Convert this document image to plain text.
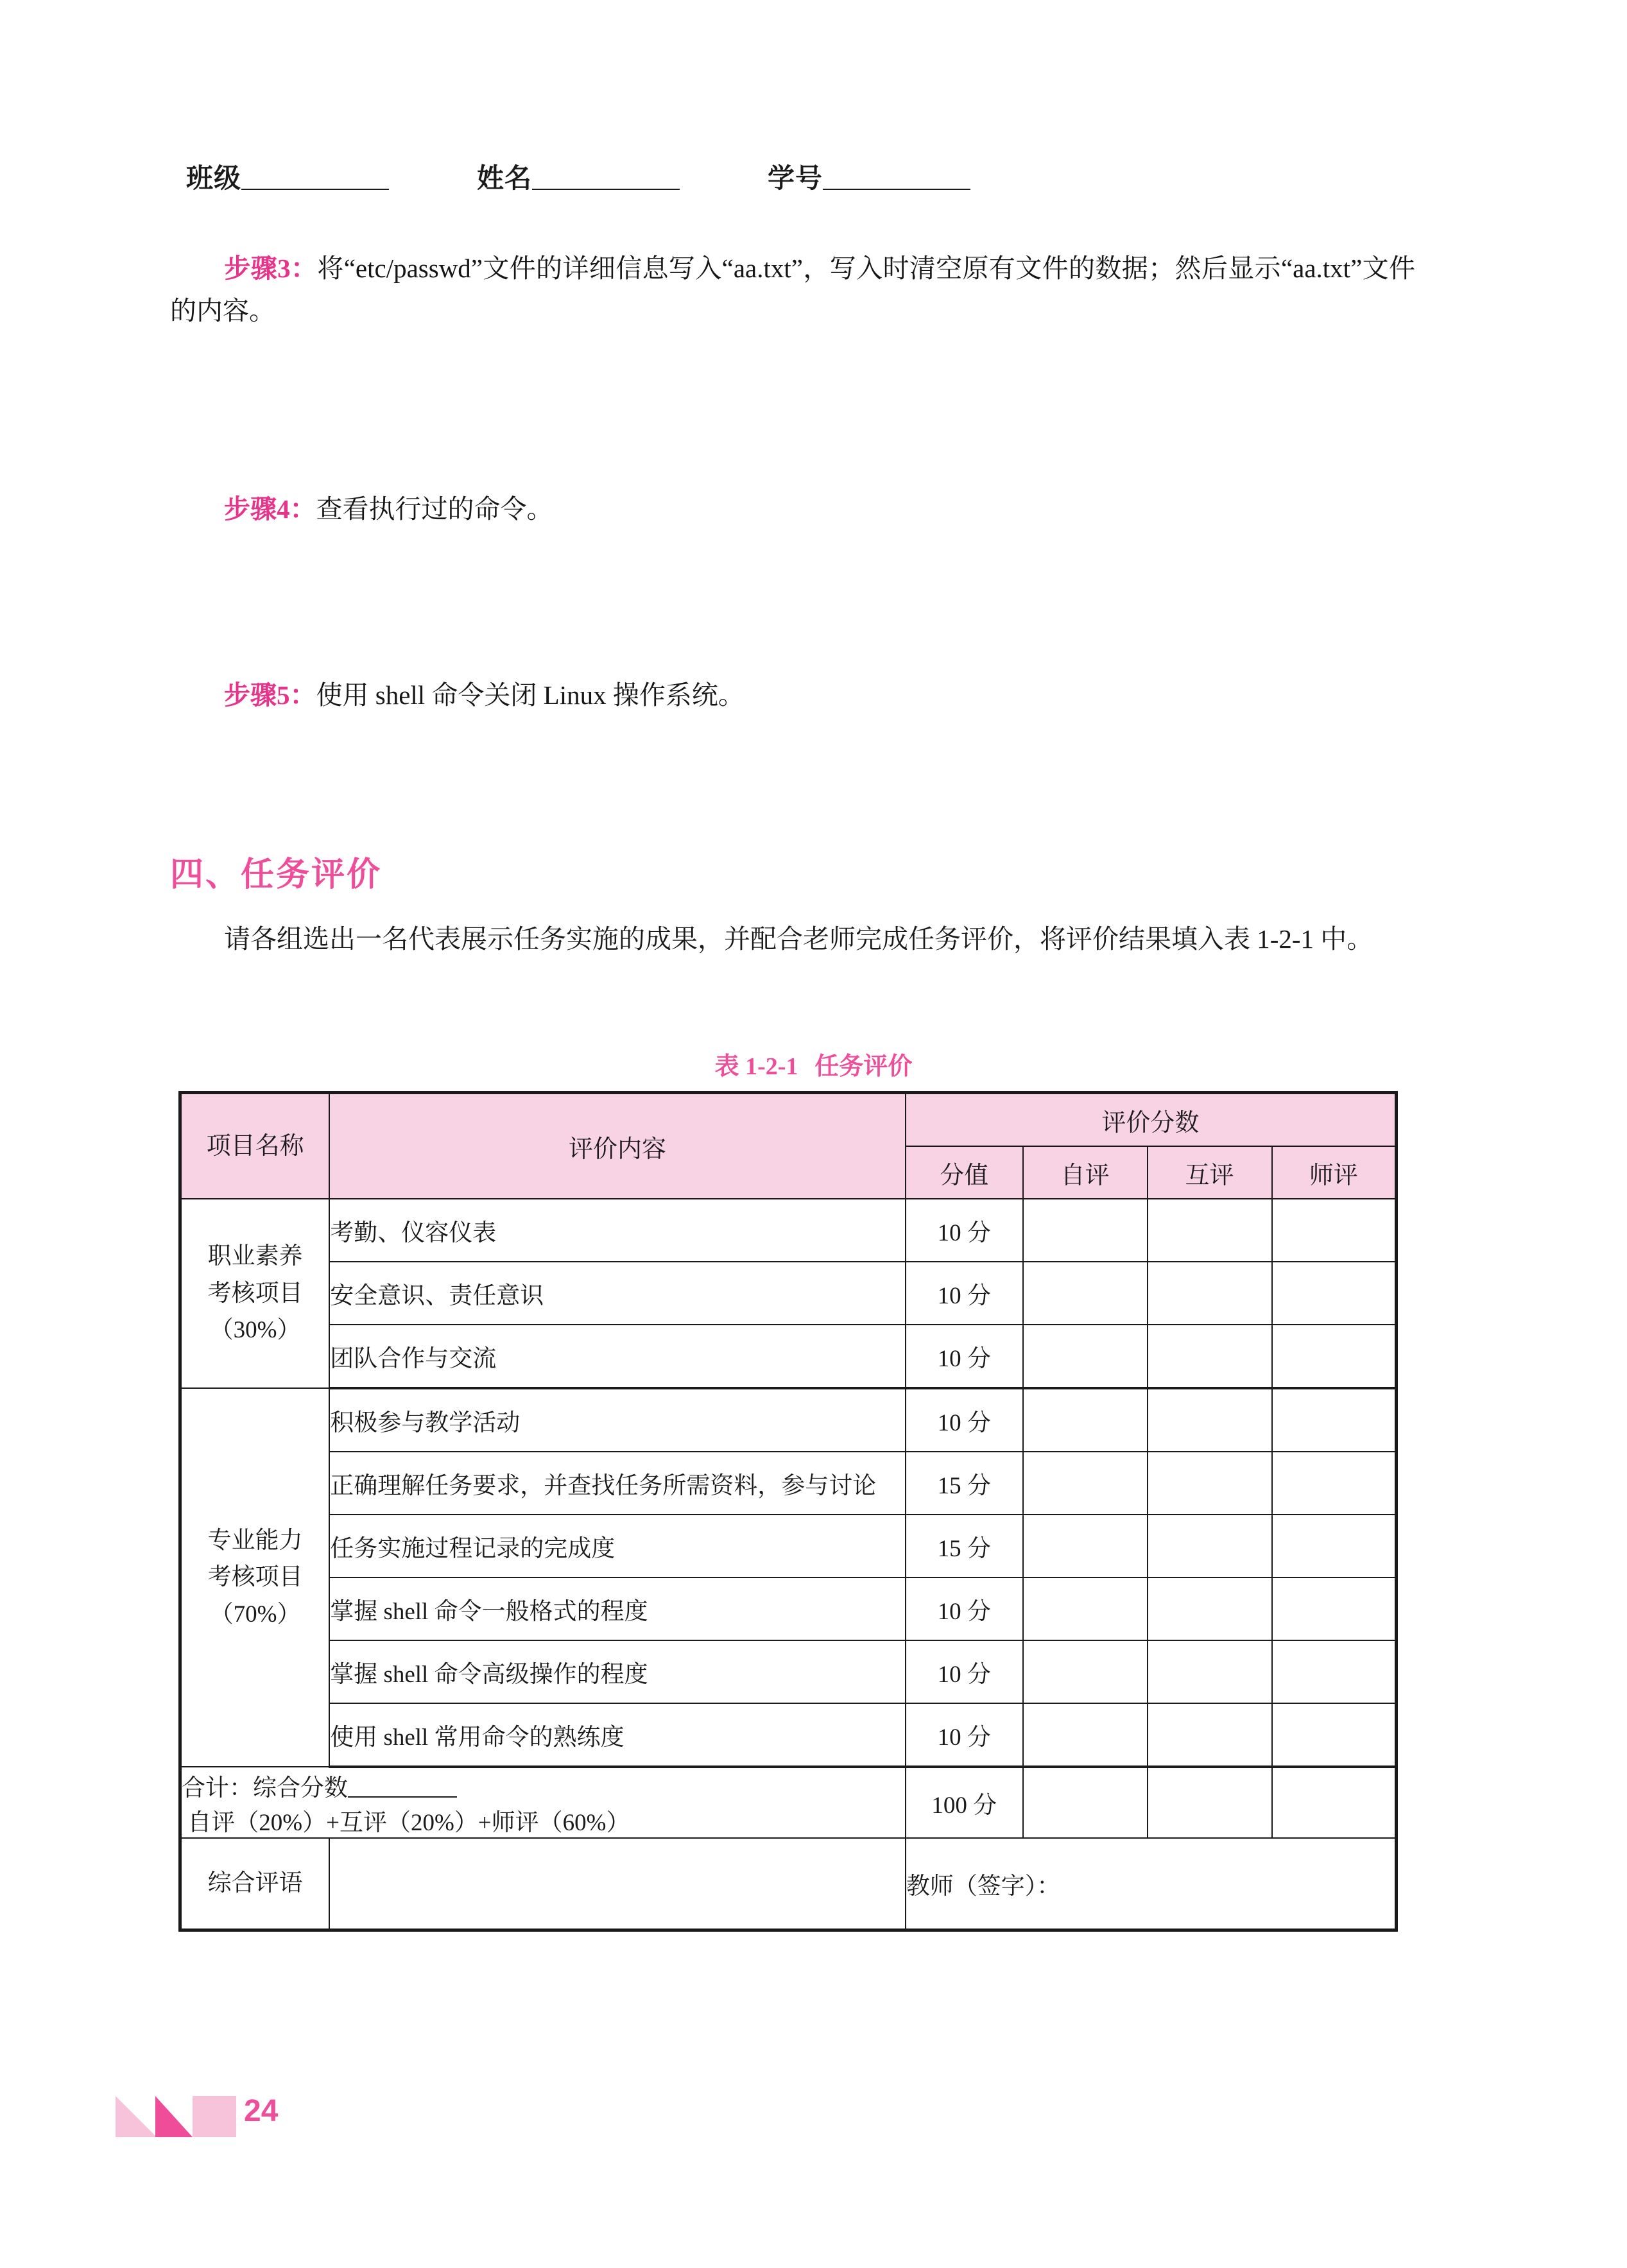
班级	姓名	学号
步骤3：将“etc/passwd”文件的详细信息写入“aa.txt”，写入时清空原有文件的数据；然后显示“aa.txt”文件的内容。
步骤4：查看执行过的命令。
步骤5：使用 shell 命令关闭 Linux 操作系统。
四、任务评价
请各组选出一名代表展示任务实施的成果，并配合老师完成任务评价，将评价结果填入表 1-2-1 中。
表 1-2-1 任务评价
项目名称	评价内容	评价分数			
		分值	自评	互评	师评

职业素养
考核项目
（30%）	考勤、仪容仪表	10 分			
	安全意识、责任意识	10 分			
	团队合作与交流	10 分			

专业能力
考核项目
（70%）	积极参与教学活动	10 分			
	正确理解任务要求，并查找任务所需资料，参与讨论	15 分			
	任务实施过程记录的完成度	15 分			
	掌握 shell 命令一般格式的程度	10 分			
	掌握 shell 命令高级操作的程度	10 分			
	使用 shell 常用命令的熟练度	10 分			
合计：综合分数 自评（20%）+互评（20%）+师评（60%）		100 分			
综合评语		教师（签字）：			
24
